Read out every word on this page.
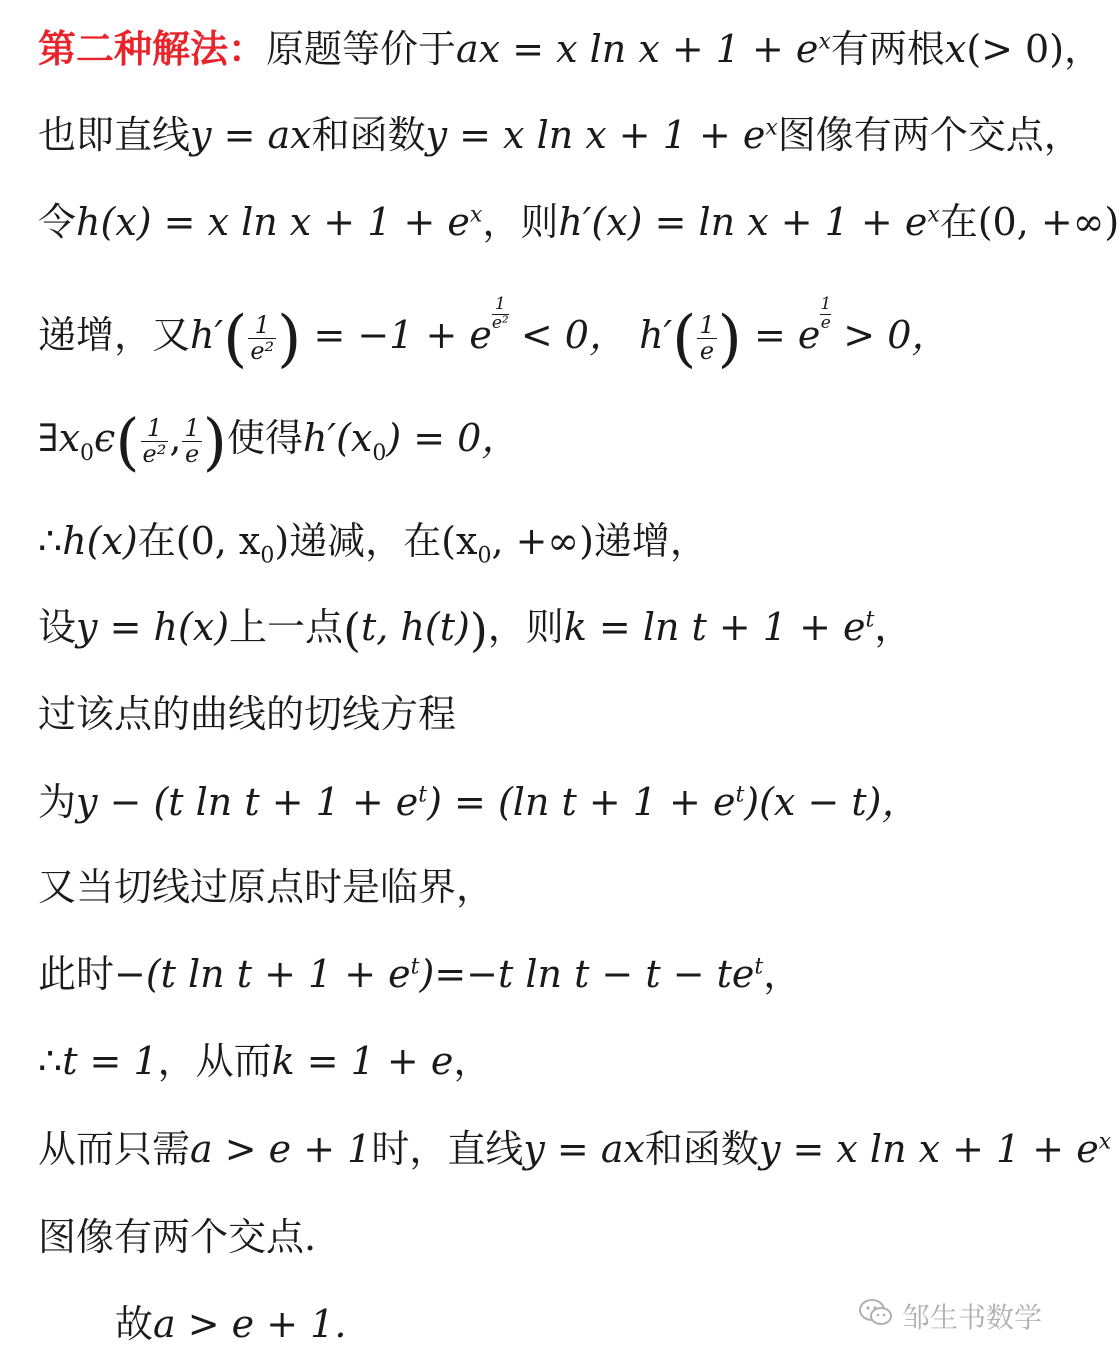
第二种解法：原题等价于ax = x $\ln x + 1 + e^x$有两根x(> 0)，
也即直线y = ax和函数y = x $\ln x + 1 + e^x$图像有两个交点，
令h(x) = x $\ln x + 1 + e^x$，则$h'(x) = \ln x + 1 + e^x$在(0, +∞)
递增，又$h'( \frac{1}{\text{e²}}$ ) = −1 + e $\frac{1}{\text{e²}} < 0$， $h'( \frac{1}{e}$ ) = e $\frac{1}{e} > 0$，
$\exists x_0\epsilon( \frac{1}{\text{e²}}$ , $\frac{1}{e}$ )使得$h'(x_0) = 0$，
∴h(x)在(0, $x_0$)递减，在($x_0$, +∞)递增，
设y = h(x)上一点(t, h(t))，则$k = \ln t + 1 + e^t$，
过该点的曲线的切线方程
为y − (t $\ln t + 1 + e^t) = (\ln$ $t + 1 + e^t)(x - t)$，
又当切线过原点时是临界，
此时−(t $\ln t + 1 + e^t)=-t$ $\ln t - t - te^t$，
∴t = 1，从而k = 1 + e，
从而只需a > e + 1时，直线y = ax和函数y = x $\ln x + 1 + e^x$
图像有两个交点.
故a > e + 1.	邹生书数学
